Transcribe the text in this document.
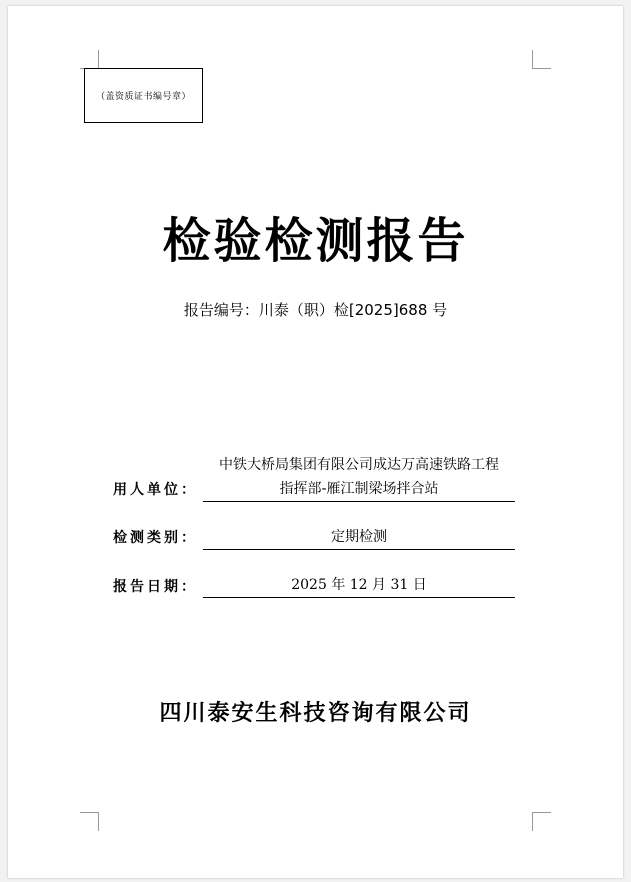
（盖资质证书编号章）
检验检测报告
报告编号：川泰（职）检[2025]688 号
中铁大桥局集团有限公司成达万高速铁路工程
指挥部-雁江制梁场拌合站
用人单位：
定期检测
检测类别：
2025 年 12 月 31 日
报告日期：
四川泰安生科技咨询有限公司
